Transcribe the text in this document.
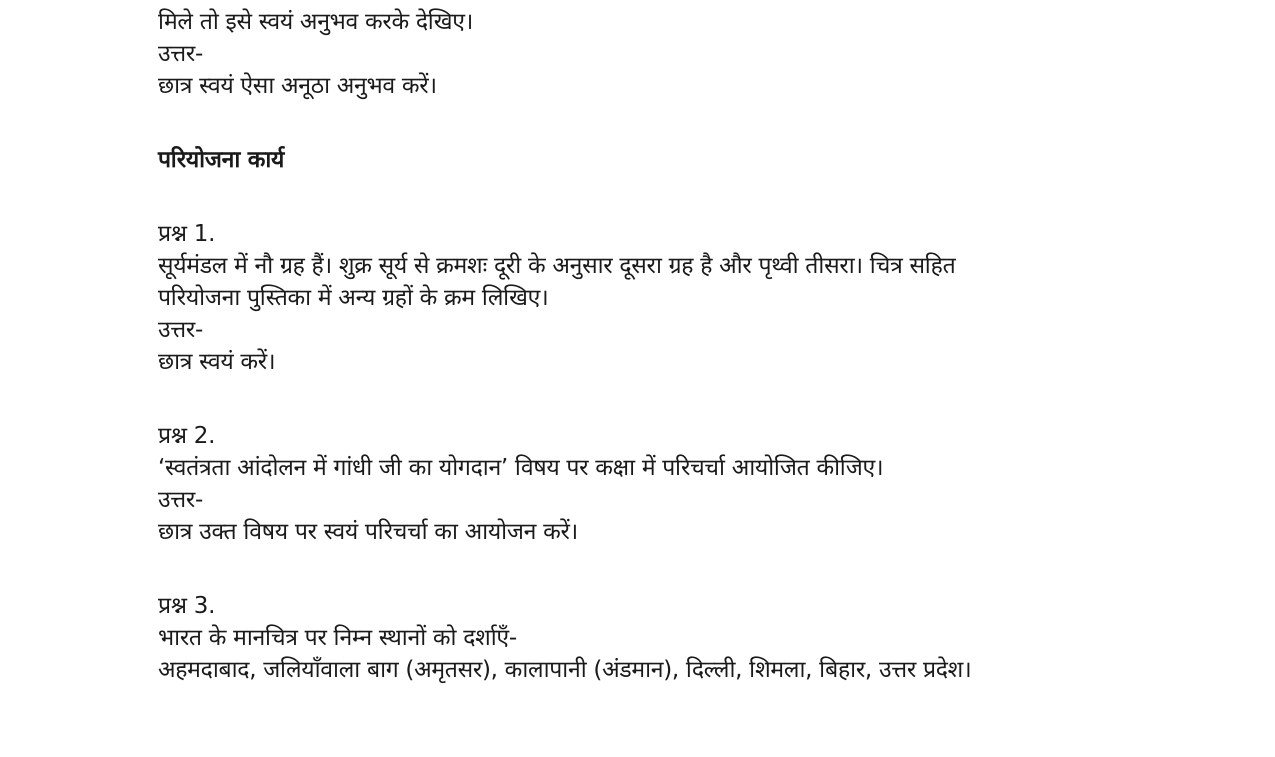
मिले तो इसे स्वयं अनुभव करके देखिए।
उत्तर-
छात्र स्वयं ऐसा अनूठा अनुभव करें।
परियोजना कार्य
प्रश्न 1.
सूर्यमंडल में नौ ग्रह हैं। शुक्र सूर्य से क्रमशः दूरी के अनुसार दूसरा ग्रह है और पृथ्वी तीसरा। चित्र सहित
परियोजना पुस्तिका में अन्य ग्रहों के क्रम लिखिए।
उत्तर-
छात्र स्वयं करें।
प्रश्न 2.
‘स्वतंत्रता आंदोलन में गांधी जी का योगदान’ विषय पर कक्षा में परिचर्चा आयोजित कीजिए।
उत्तर-
छात्र उक्त विषय पर स्वयं परिचर्चा का आयोजन करें।
प्रश्न 3.
भारत के मानचित्र पर निम्न स्थानों को दर्शाएँ-
अहमदाबाद, जलियाँवाला बाग (अमृतसर), कालापानी (अंडमान), दिल्ली, शिमला, बिहार, उत्तर प्रदेश।
